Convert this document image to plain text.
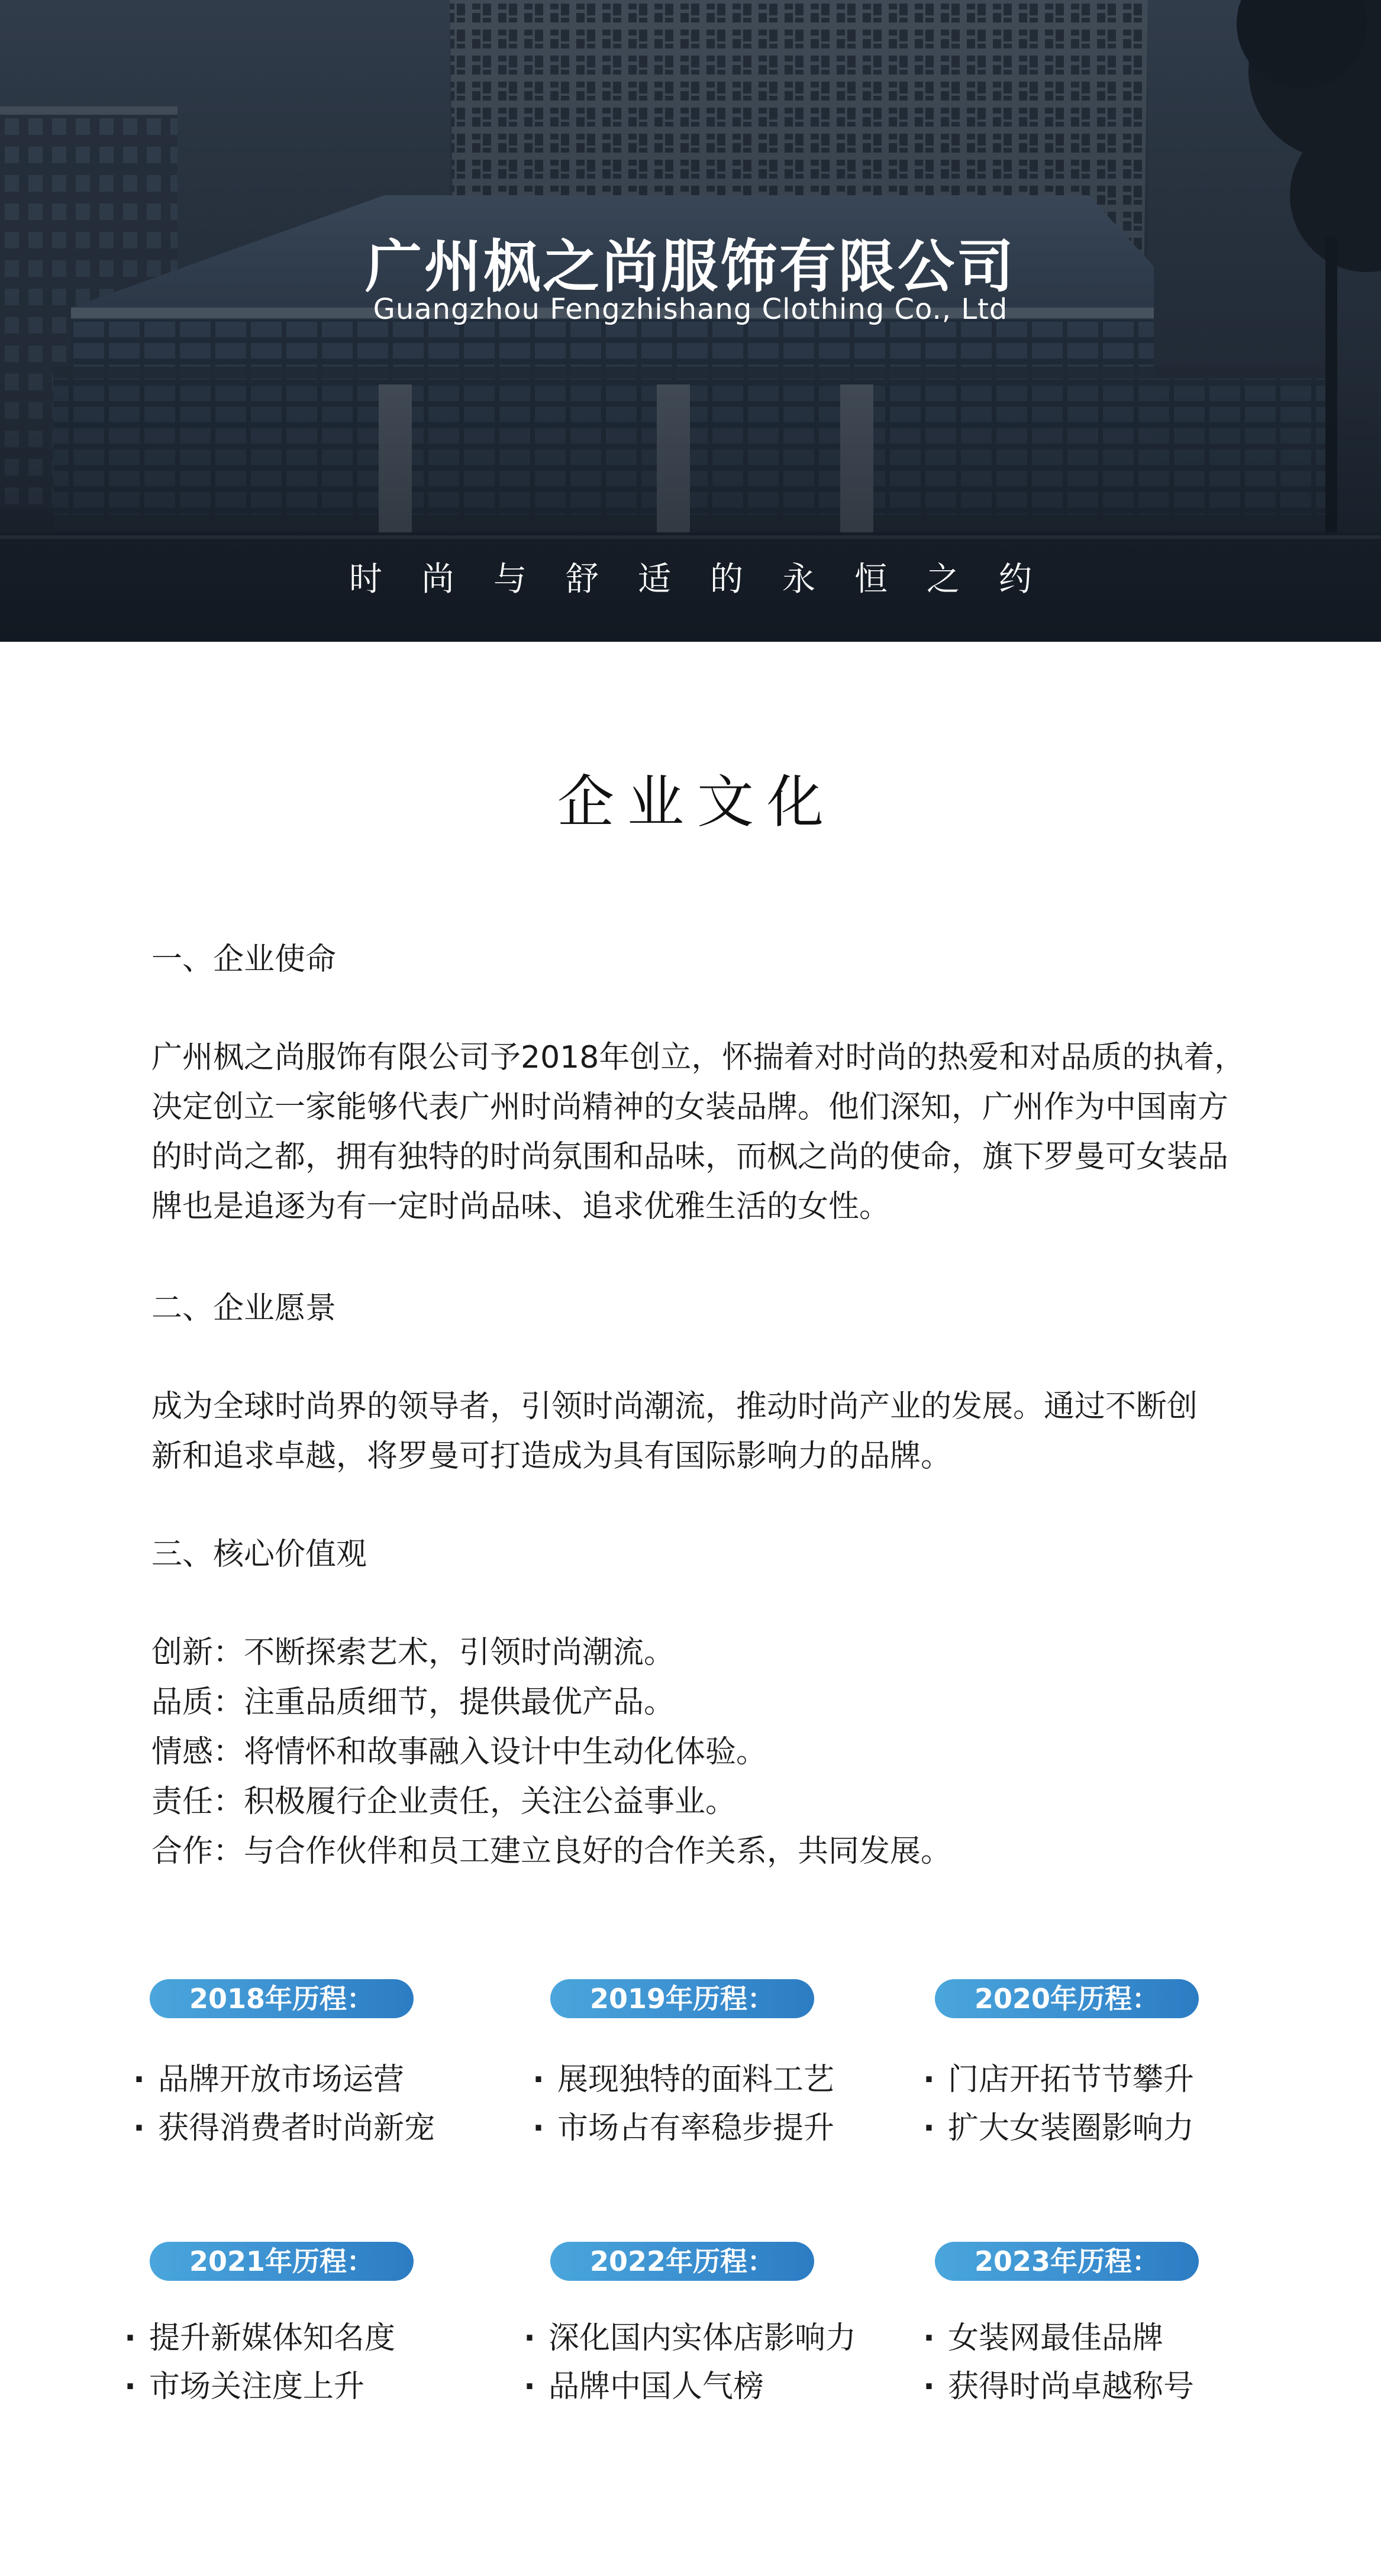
广州枫之尚服饰有限公司
Guangzhou Fengzhishang Clothing Co., Ltd
时尚与舒适的永恒之约
企业文化
一、企业使命

广州枫之尚服饰有限公司予2018年创立，怀揣着对时尚的热爱和对品质的执着，

决定创立一家能够代表广州时尚精神的女装品牌。他们深知，广州作为中国南方

的时尚之都，拥有独特的时尚氛围和品味，而枫之尚的使命，旗下罗曼可女装品

牌也是追逐为有一定时尚品味、追求优雅生活的女性。

二、企业愿景

成为全球时尚界的领导者，引领时尚潮流，推动时尚产业的发展。通过不断创

新和追求卓越，将罗曼可打造成为具有国际影响力的品牌。

三、核心价值观

创新：不断探索艺术，引领时尚潮流。

品质：注重品质细节，提供最优产品。

情感：将情怀和故事融入设计中生动化体验。

责任：积极履行企业责任，关注公益事业。

合作：与合作伙伴和员工建立良好的合作关系，共同发展。

2018年历程：
· 品牌开放市场运营
· 获得消费者时尚新宠
2019年历程：
· 展现独特的面料工艺
· 市场占有率稳步提升
2020年历程：
· 门店开拓节节攀升
· 扩大女装圈影响力
2021年历程：
· 提升新媒体知名度
· 市场关注度上升
2022年历程：
· 深化国内实体店影响力
· 品牌中国人气榜
2023年历程：
· 女装网最佳品牌
· 获得时尚卓越称号
